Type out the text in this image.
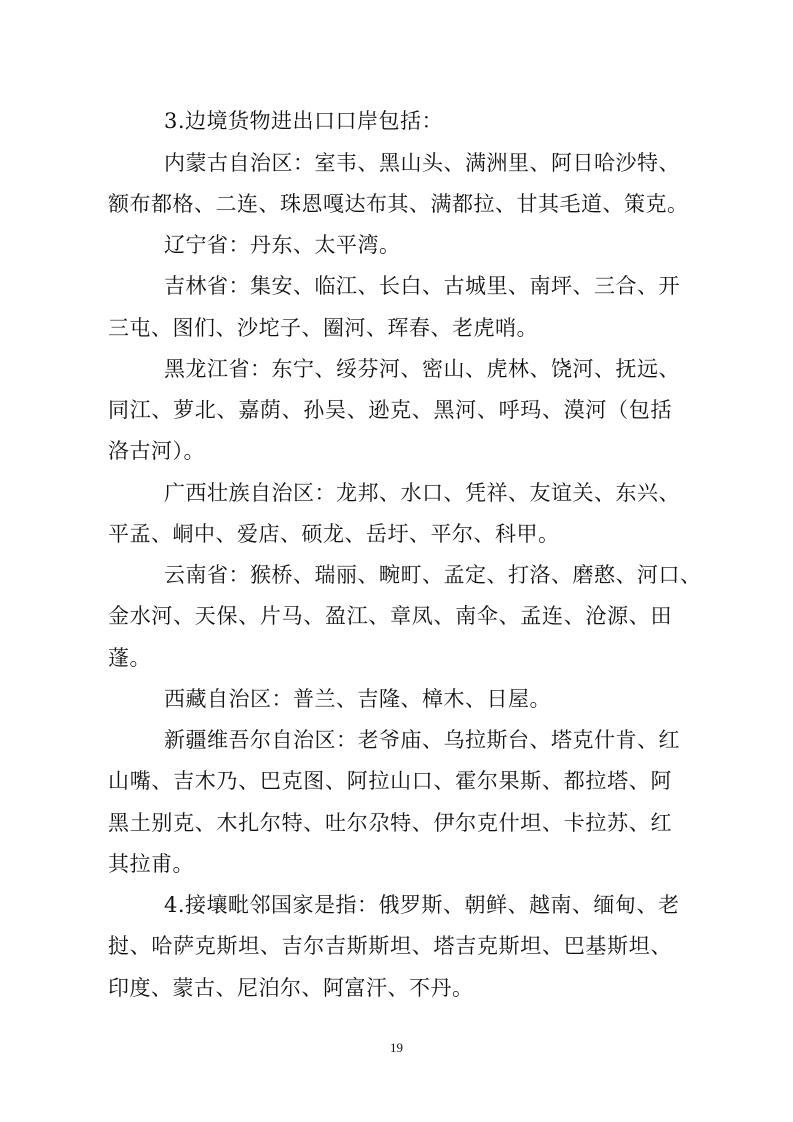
3.边境货物进出口口岸包括：
内蒙古自治区：室韦、黑山头、满洲里、阿日哈沙特、
额布都格、二连、珠恩嘎达布其、满都拉、甘其毛道、策克。
辽宁省：丹东、太平湾。
吉林省：集安、临江、长白、古城里、南坪、三合、开
三屯、图们、沙坨子、圈河、珲春、老虎哨。
黑龙江省：东宁、绥芬河、密山、虎林、饶河、抚远、
同江、萝北、嘉荫、孙吴、逊克、黑河、呼玛、漠河（包括
洛古河）。
广西壮族自治区：龙邦、水口、凭祥、友谊关、东兴、
平孟、峒中、爱店、硕龙、岳圩、平尔、科甲。
云南省：猴桥、瑞丽、畹町、孟定、打洛、磨憨、河口、
金水河、天保、片马、盈江、章凤、南伞、孟连、沧源、田
蓬。
西藏自治区：普兰、吉隆、樟木、日屋。
新疆维吾尔自治区：老爷庙、乌拉斯台、塔克什肯、红
山嘴、吉木乃、巴克图、阿拉山口、霍尔果斯、都拉塔、阿
黑土别克、木扎尔特、吐尔尕特、伊尔克什坦、卡拉苏、红
其拉甫。
4.接壤毗邻国家是指：俄罗斯、朝鲜、越南、缅甸、老
挝、哈萨克斯坦、吉尔吉斯斯坦、塔吉克斯坦、巴基斯坦、
印度、蒙古、尼泊尔、阿富汗、不丹。
19
